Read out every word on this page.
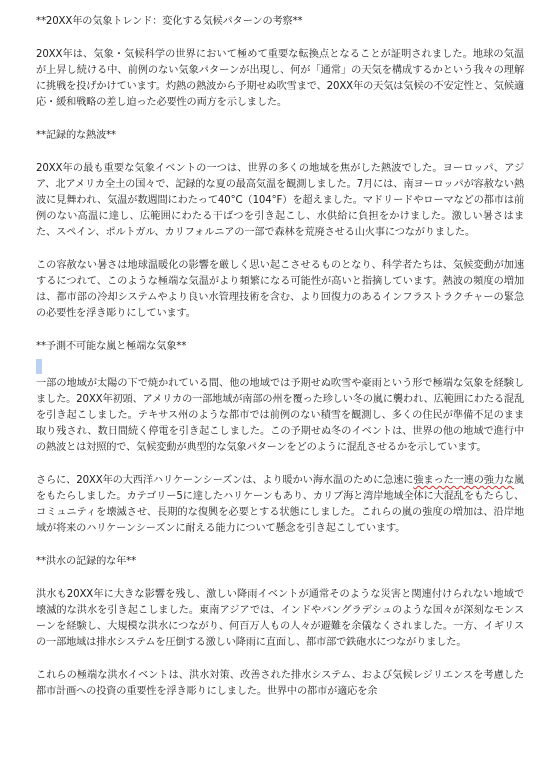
**20XX年の気象トレンド：変化する気候パターンの考察**

20XX年は、気象・気候科学の世界において極めて重要な転換点となることが証明されました。地球の気温が上昇し続ける中、前例のない気象パターンが出現し、何が「通常」の天気を構成するかという我々の理解に挑戦を投げかけています。灼熱の熱波から予期せぬ吹雪まで、20XX年の天気は気候の不安定性と、気候適応・緩和戦略の差し迫った必要性の両方を示しました。

**記録的な熱波**

20XX年の最も重要な気象イベントの一つは、世界の多くの地域を焦がした熱波でした。ヨーロッパ、アジア、北アメリカ全土の国々で、記録的な夏の最高気温を観測しました。7月には、南ヨーロッパが容赦ない熱波に見舞われ、気温が数週間にわたって40°C（104°F）を超えました。マドリードやローマなどの都市は前例のない高温に達し、広範囲にわたる干ばつを引き起こし、水供給に負担をかけました。激しい暑さはまた、スペイン、ポルトガル、カリフォルニアの一部で森林を荒廃させる山火事につながりました。

この容赦ない暑さは地球温暖化の影響を厳しく思い起こさせるものとなり、科学者たちは、気候変動が加速するにつれて、このような極端な気温がより頻繁になる可能性が高いと指摘しています。熱波の頻度の増加は、都市部の冷却システムやより良い水管理技術を含む、より回復力のあるインフラストラクチャーの緊急の必要性を浮き彫りにしています。

**予測不可能な嵐と極端な気象**

一部の地域が太陽の下で焼かれている間、他の地域では予期せぬ吹雪や豪雨という形で極端な気象を経験しました。20XX年初頭、アメリカの一部地域が南部の州を覆った珍しい冬の嵐に襲われ、広範囲にわたる混乱を引き起こしました。テキサス州のような都市では前例のない積雪を観測し、多くの住民が準備不足のまま取り残され、数日間続く停電を引き起こしました。この予期せぬ冬のイベントは、世界の他の地域で進行中の熱波とは対照的で、気候変動が典型的な気象パターンをどのように混乱させるかを示しています。

さらに、20XX年の大西洋ハリケーンシーズンは、より暖かい海水温のために急速に強まった一連の強力な嵐をもたらしました。カテゴリー5に達したハリケーンもあり、カリブ海と湾岸地域全体に大混乱をもたらし、コミュニティを壊滅させ、長期的な復興を必要とする状態にしました。これらの嵐の強度の増加は、沿岸地域が将来のハリケーンシーズンに耐える能力について懸念を引き起こしています。

**洪水の記録的な年**

洪水も20XX年に大きな影響を残し、激しい降雨イベントが通常そのような災害と関連付けられない地域で壊滅的な洪水を引き起こしました。東南アジアでは、インドやバングラデシュのような国々が深刻なモンスーンを経験し、大規模な洪水につながり、何百万人もの人々が避難を余儀なくされました。一方、イギリスの一部地域は排水システムを圧倒する激しい降雨に直面し、都市部で鉄砲水につながりました。

これらの極端な洪水イベントは、洪水対策、改善された排水システム、および気候レジリエンスを考慮した都市計画への投資の重要性を浮き彫りにしました。世界中の都市が適応を余
